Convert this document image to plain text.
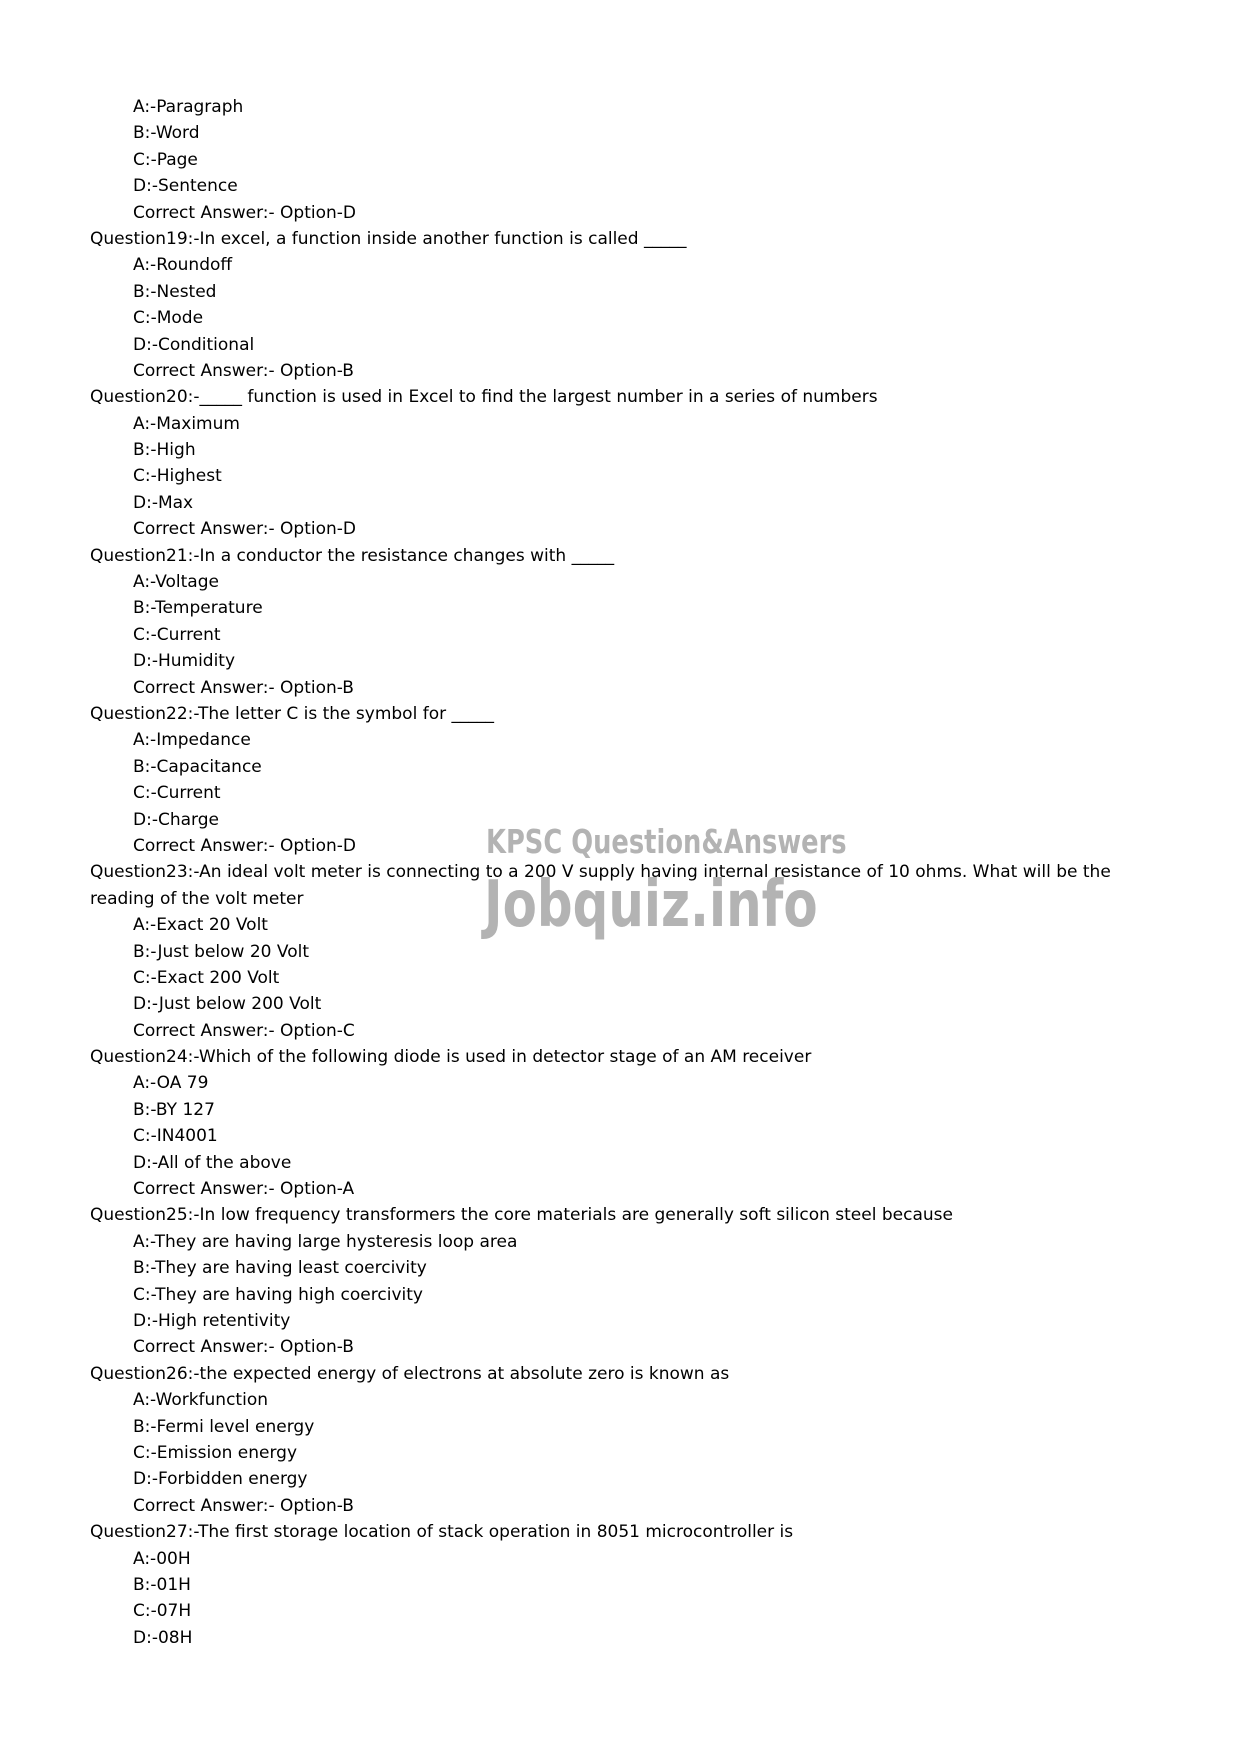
A:-Paragraph
B:-Word
C:-Page
D:-Sentence
Correct Answer:- Option-D
Question19:-In excel, a function inside another function is called _____
A:-Roundoff
B:-Nested
C:-Mode
D:-Conditional
Correct Answer:- Option-B
Question20:-_____ function is used in Excel to find the largest number in a series of numbers
A:-Maximum
B:-High
C:-Highest
D:-Max
Correct Answer:- Option-D
Question21:-In a conductor the resistance changes with _____
A:-Voltage
B:-Temperature
C:-Current
D:-Humidity
Correct Answer:- Option-B
Question22:-The letter C is the symbol for _____
A:-Impedance
B:-Capacitance
C:-Current
D:-Charge
Correct Answer:- Option-D
Question23:-An ideal volt meter is connecting to a 200 V supply having internal resistance of 10 ohms. What will be the reading of the volt meter
A:-Exact 20 Volt
B:-Just below 20 Volt
C:-Exact 200 Volt
D:-Just below 200 Volt
Correct Answer:- Option-C
Question24:-Which of the following diode is used in detector stage of an AM receiver
A:-OA 79
B:-BY 127
C:-IN4001
D:-All of the above
Correct Answer:- Option-A
Question25:-In low frequency transformers the core materials are generally soft silicon steel because
A:-They are having large hysteresis loop area
B:-They are having least coercivity
C:-They are having high coercivity
D:-High retentivity
Correct Answer:- Option-B
Question26:-the expected energy of electrons at absolute zero is known as
A:-Workfunction
B:-Fermi level energy
C:-Emission energy
D:-Forbidden energy
Correct Answer:- Option-B
Question27:-The first storage location of stack operation in 8051 microcontroller is
A:-00H
B:-01H
C:-07H
D:-08H
KPSC Question&Answers
Jobquiz.info
